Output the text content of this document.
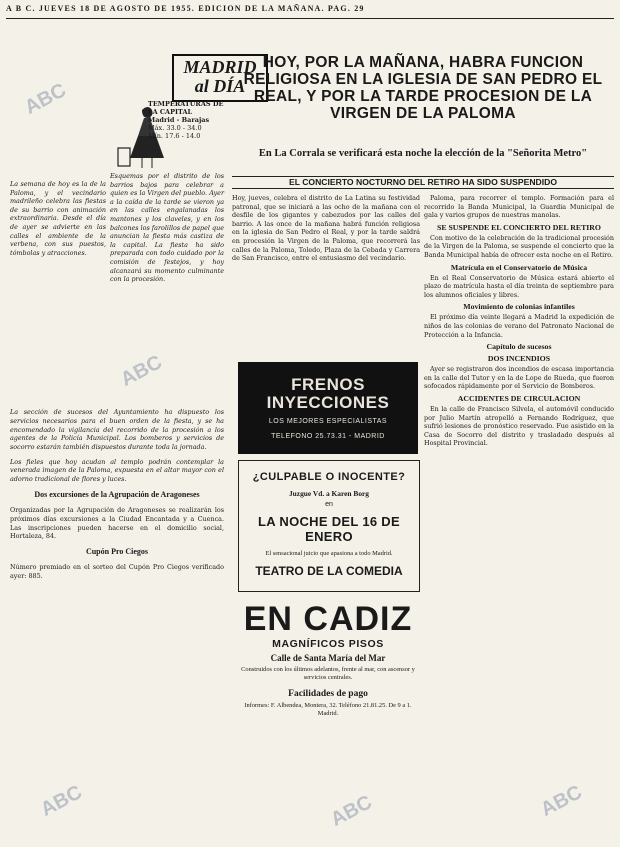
A B C. JUEVES 18 DE AGOSTO DE 1955. EDICION DE LA MAÑANA. PAG. 29
MADRID
al DÍA
TEMPERATURAS DE LA CAPITAL
Madrid - Barajas
Máx. 33.0 - 34.0
Mín. 17.6 - 14.0
La semana de hoy es la de la Paloma, y el vecindario madrileño celebra las fiestas de su barrio con animación extraordinaria. Desde el día de ayer se advierte en las calles el ambiente de la verbena, con sus puestos, tómbolas y atracciones.
Esquemas por el distrito de los barrios bajos para celebrar a quien es la Virgen del pueblo. Ayer a la caída de la tarde se vieron ya en las calles engalanadas los mantones y los claveles, y en los balcones los farolillos de papel que anuncian la fiesta más castiza de la capital. La fiesta ha sido preparada con todo cuidado por la comisión de festejos, y hoy alcanzará su momento culminante con la procesión.

La sección de sucesos del Ayuntamiento ha dispuesto los servicios necesarios para el buen orden de la fiesta, y se ha encomendado la vigilancia del recorrido de la procesión a los agentes de la Policía Municipal. Los bomberos y servicios de socorro estarán también dispuestos durante toda la jornada.

Los fieles que hoy acudan al templo podrán contemplar la venerada imagen de la Paloma, expuesta en el altar mayor con el adorno tradicional de flores y luces.

Dos excursiones de la Agrupación de Aragoneses

Organizadas por la Agrupación de Aragoneses se realizarán los próximos días excursiones a la Ciudad Encantada y a Cuenca. Las inscripciones pueden hacerse en el domicilio social, Hortaleza, 84.

Cupón Pro Ciegos

Número premiado en el sorteo del Cupón Pro Ciegos verificado ayer: 885.

HOY, POR LA MAÑANA, HABRA FUNCION RELIGIOSA EN LA IGLESIA DE SAN PEDRO EL REAL, Y POR LA TARDE PROCESION DE LA VIRGEN DE LA PALOMA
En La Corrala se verificará esta noche la elección de la "Señorita Metro"
EL CONCIERTO NOCTURNO DEL RETIRO HA SIDO SUSPENDIDO
Hoy, jueves, celebra el distrito de La Latina su festividad patronal, que se iniciará a las ocho de la mañana con el desfile de los gigantes y cabezudos por las calles del barrio. A las once de la mañana habrá función religiosa en la iglesia de San Pedro el Real, y por la tarde saldrá en procesión la Virgen de la Paloma, que recorrerá las calles de la Paloma, Toledo, Plaza de la Cebada y Carrera de San Francisco, entre el entusiasmo del vecindario.
FRENOS INYECCIONES
LOS MEJORES ESPECIALISTAS
TELEFONO 25.73.31 - MADRID
¿CULPABLE O INOCENTE?
Juzgue Vd. a Karen Borg
en
LA NOCHE DEL 16 DE ENERO
El sensacional juicio que apasiona a todo Madrid.
TEATRO DE LA COMEDIA
EN CADIZ
MAGNÍFICOS PISOS
Calle de Santa María del Mar
Construidos con los últimos adelantos, frente al mar, con ascensor y servicios centrales.
Facilidades de pago
Informes: F. Albendea, Montera, 32. Teléfono 21.81.25. De 9 a 1. Madrid.

Paloma, para recorrer el templo. Formación para el recorrido la Banda Municipal, la Guardia Municipal de gala y varios grupos de nuestras manolas.

SE SUSPENDE EL CONCIERTO DEL RETIRO

Con motivo de la celebración de la tradicional procesión de la Virgen de la Paloma, se suspende el concierto que la Banda Municipal había de ofrecer esta noche en el Retiro.

Matrícula en el Conservatorio de Música

En el Real Conservatorio de Música estará abierto el plazo de matrícula hasta el día treinta de septiembre para los alumnos oficiales y libres.

Movimiento de colonias infantiles

El próximo día veinte llegará a Madrid la expedición de niños de las colonias de verano del Patronato Nacional de Protección a la Infancia.

Capítulo de sucesos
DOS INCENDIOS

Ayer se registraron dos incendios de escasa importancia en la calle del Tutor y en la de Lope de Rueda, que fueron sofocados rápidamente por el Servicio de Bomberos.

ACCIDENTES DE CIRCULACION

En la calle de Francisco Silvela, el automóvil conducido por Julio Martín atropelló a Fernando Rodríguez, que sufrió lesiones de pronóstico reservado. Fue asistido en la Casa de Socorro del distrito y trasladado después al Hospital Provincial.

ABC
ABC
ABC	ABC	ABC
